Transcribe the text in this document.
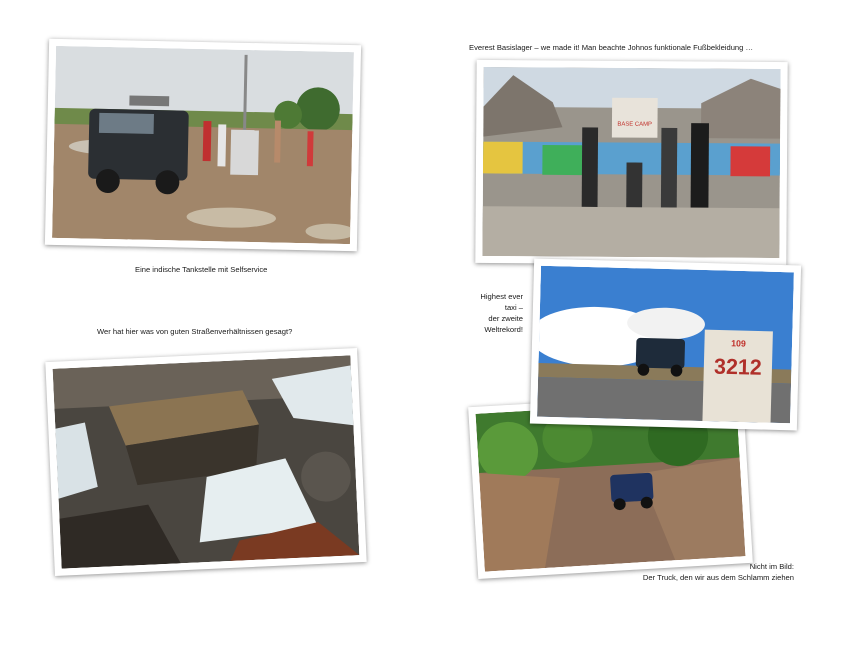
Eine indische Tankstelle mit Selfservice
Wer hat hier was von guten Straßenverhältnissen gesagt?
Everest Basislager – we made it! Man beachte Johnos funktionale Fußbekleidung …
BASE CAMP
Highest ever
taxi –
der zweite
Weltrekord!
109
3212
Nicht im Bild:
Der Truck, den wir aus dem Schlamm ziehen
